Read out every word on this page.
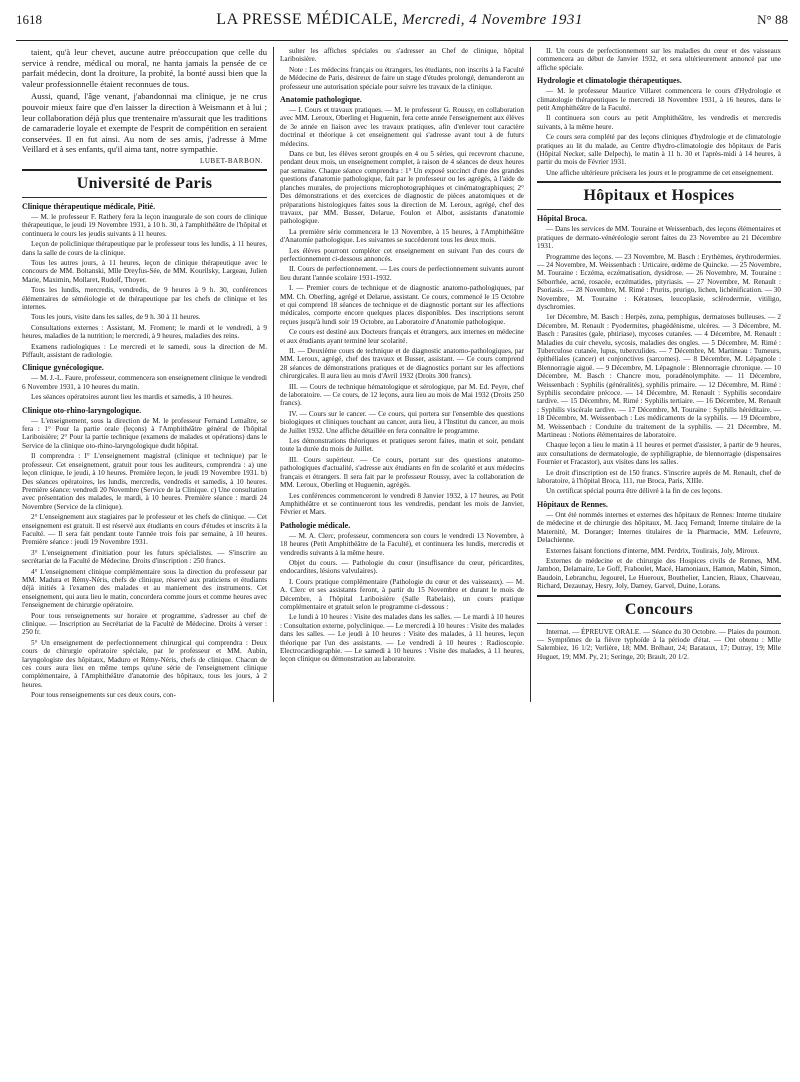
1618	LA PRESSE MÉDICALE, Mercredi, 4 Novembre 1931	N° 88

taient, qu'à leur chevet, aucune autre préoccupation que celle du service à rendre, médical ou moral, ne hanta jamais la pensée de ce parfait médecin, dont la droiture, la probité, la bonté aussi bien que la valeur professionnelle étaient reconnues de tous.

Aussi, quand, l'âge venant, j'abandonnai ma clinique, je ne crus pouvoir mieux faire que d'en laisser la direction à Weismann et à lui ; leur collaboration déjà plus que trentenaire m'assurait que les traditions de camaraderie loyale et exempte de l'esprit de compétition en seraient conservées. Il en fut ainsi. Au nom de ses amis, j'adresse à Mme Veillard et à ses enfants, qu'il aima tant, notre sympathie.

LUBET-BARBON.
Université de Paris
Clinique thérapeutique médicale, Pitié.

— M. le professeur F. Rathery fera la leçon inaugurale de son cours de clinique thérapeutique, le jeudi 19 Novembre 1931, à 10 h. 30, à l'amphithéâtre de l'hôpital et continuera le cours les jeudis suivants à 11 heures.

Leçon de policlinique thérapeutique par le professeur tous les lundis, à 11 heures, dans la salle de cours de la clinique.

Tous les autres jours, à 11 heures, leçon de clinique thérapeutique avec le concours de MM. Boltanski, Mlle Dreyfus-Sée, de MM. Kourilsky, Largeau, Julien Marie, Maximin, Mollaret, Rudolf, Thoyer.

Tous les lundis, mercredis, vendredis, de 9 heures à 9 h. 30, conférences élémentaires de séméiologie et de thérapeutique par les chefs de clinique et les internes.

Tous les jours, visite dans les salles, de 9 h. 30 à 11 heures.

Consultations externes : Assistant, M. Froment; le mardi et le vendredi, à 9 heures, maladies de la nutrition; le mercredi, à 9 heures, maladies des reins.

Examens radiologiques : Le mercredi et le samedi, sous la direction de M. Piffault, assistant de radiologie.

Clinique gynécologique.

— M. J.-L. Faure, professeur, commencera son enseignement clinique le vendredi 6 Novembre 1931, à 10 heures du matin.

Les séances opératoires auront lieu les mardis et samedis, à 10 heures.

Clinique oto-rhino-laryngologique.

— L'enseignement, sous la direction de M. le professeur Fernand Lemaître, se fera : 1° Pour la partie orale (leçons) à l'Amphithéâtre général de l'hôpital Lariboisière; 2° Pour la partie technique (examens de malades et opérations) dans le Service de la clinique oto-rhino-laryngologique dudit hôpital.

Il comprendra : I° L'enseignement magistral (clinique et technique) par le professeur. Cet enseignement, gratuit pour tous les auditeurs, comprendra : a) une leçon clinique, le jeudi, à 10 heures. Première leçon, le jeudi 19 Novembre 1931. b) Des séances opératoires, les lundis, mercredis, vendredis et samedis, à 10 heures. Première séance: vendredi 20 Novembre (Service de la Clinique. c) Une consultation avec présentation des malades, le mardi, à 10 heures. Première séance : mardi 24 Novembre (Service de la clinique).

2° L'enseignement aux stagiaires par le professeur et les chefs de clinique. — Cet enseignement est gratuit. Il est réservé aux étudiants en cours d'études et inscrits à la Faculté. — Il sera fait pendant toute l'année trois fois par semaine, à 10 heures. Première séance : jeudi 19 Novembre 1931.

3° L'enseignement d'initiation pour les futurs spécialistes. — S'inscrire au secrétariat de la Faculté de Médecine. Droits d'inscription : 250 francs.

4° L'enseignement clinique complémentaire sous la direction du professeur par MM. Madura et Rémy-Néris, chefs de clinique, réservé aux praticiens et étudiants déjà initiés à l'examen des malades et au maniement des instruments. Cet enseignement, qui aura lieu le matin, concordera comme jours et comme heures avec l'enseignement de chirurgie opératoire.

Pour tous renseignements sur horaire et programme, s'adresser au chef de clinique. — Inscription au Secrétariat de la Faculté de Médecine. Droits à verser : 250 fr.

5° Un enseignement de perfectionnement chirurgical qui comprendra : Deux cours de chirurgie opératoire spéciale, par le professeur et MM. Aubin, laryngologiste des hôpitaux, Maduro et Rémy-Néris, chefs de clinique. Chacun de ces cours aura lieu en même temps qu'une série de l'enseignement clinique complémentaire, à l'Amphithéâtre d'anatomie des hôpitaux, tous les jours, à 2 heures.

Pour tous renseignements sur ces deux cours, con-

sulter les affiches spéciales ou s'adresser au Chef de clinique, hôpital Lariboisière.

Note : Les médecins français ou étrangers, les étudiants, non inscrits à la Faculté de Médecine de Paris, désireux de faire un stage d'études prolongé, demanderont au professeur une autorisation spéciale pour suivre les travaux de la clinique.

Anatomie pathologique.

— I. Cours et travaux pratiques. — M. le professeur G. Roussy, en collaboration avec MM. Leroux, Oberling et Huguenin, fera cette année l'enseignement aux élèves de 3e année en liaison avec les travaux pratiques, afin d'enlever tout caractère doctrinal et théorique à cet enseignement qui s'adresse avant tout à de futurs médecins.

Dans ce but, les élèves seront groupés en 4 ou 5 séries, qui recevront chacune, pendant deux mois, un enseignement complet, à raison de 4 séances de deux heures par semaine. Chaque séance comprendra : 1° Un exposé succinct d'une des grandes questions d'anatomie pathologique, fait par le professeur ou les agrégés, à l'aide de planches murales, de projections microphotographiques et cinématographiques; 2° Des démonstrations et des exercices de diagnostic de pièces anatomiques et de préparations histologiques faites sous la direction de M. Leroux, agrégé, chef des travaux, par MM. Busser, Delarue, Foulon et Albot, assistants d'anatomie pathologique.

La première série commencera le 13 Novembre, à 15 heures, à l'Amphithéâtre d'Anatomie pathologique. Les suivantes se succéderont tous les deux mois.

Les élèves pourront compléter cet enseignement en suivant l'un des cours de perfectionnement ci-dessous annoncés.

II. Cours de perfectionnement. — Les cours de perfectionnement suivants auront lieu durant l'année scolaire 1931-1932.

I. — Premier cours de technique et de diagnostic anatomo-pathologiques, par MM. Ch. Oberling, agrégé et Delarue, assistant. Ce cours, commencé le 15 Octobre et qui comprend 18 séances de technique et de diagnostic portant sur les affections médicales, comporte encore quelques places disponibles. Des inscriptions seront reçues jusqu'à lundi soir 19 Octobre, au Laboratoire d'Anatomie pathologique.

Ce cours est destiné aux Docteurs français et étrangers, aux internes en médecine et aux étudiants ayant terminé leur scolarité.

II. — Deuxième cours de technique et de diagnostic anatomo-pathologiques, par MM. Leroux, agrégé, chef des travaux et Busser, assistant. — Ce cours comprend 28 séances de démonstrations pratiques et de diagnostics portant sur les affections chirurgicales. Il aura lieu au mois d'Avril 1932 (Droits 300 francs).

III. — Cours de technique hématologique et sérologique, par M. Ed. Peyre, chef de laboratoire. — Ce cours, de 12 leçons, aura lieu au mois de Mai 1932 (Droits 250 francs).

IV. — Cours sur le cancer. — Ce cours, qui portera sur l'ensemble des questions biologiques et cliniques touchant au cancer, aura lieu, à l'Institut du cancer, au mois de Juillet 1932. Une affiche détaillée en fera connaître le programme.

Les démonstrations théoriques et pratiques seront faites, matin et soir, pendant toute la durée du mois de Juillet.

III. Cours supérieur. — Ce cours, portant sur des questions anatomo-pathologiques d'actualité, s'adresse aux étudiants en fin de scolarité et aux médecins français et étrangers. Il sera fait par le professeur Roussy, avec la collaboration de MM. Leroux, Oberling et Huguenin, agrégés.

Les conférences commenceront le vendredi 8 Janvier 1932, à 17 heures, au Petit Amphithéâtre et se continueront tous les vendredis, pendant les mois de Janvier, Février et Mars.

Pathologie médicale.

— M. A. Clerc, professeur, commencera son cours le vendredi 13 Novembre, à 18 heures (Petit Amphithéâtre de la Faculté), et continuera les lundis, mercredis et vendredis suivants à la même heure.

Objet du cours. — Pathologie du cœur (insuffisance du cœur, péricardites, endocardites, lésions valvulaires).

I. Cours pratique complémentaire (Pathologie du cœur et des vaisseaux). — M. A. Clerc et ses assistants feront, à partir du 15 Novembre et durant le mois de Décembre, à l'hôpital Lariboisière (Salle Rabelais), un cours pratique complémentaire et gratuit selon le programme ci-dessous :

Le lundi à 10 heures : Visite des malades dans les salles. — Le mardi à 10 heures : Consultation externe, polyclinique. — Le mercredi à 10 heures : Visite des malades dans les salles. — Le jeudi à 10 heures : Visite des malades, à 11 heures, leçon théorique par l'un des assistants. — Le vendredi à 10 heures : Radioscopie. Electrocardiographie. — Le samedi à 10 heures : Visite des malades, à 11 heures, leçon clinique ou démonstration au laboratoire.

II. Un cours de perfectionnement sur les maladies du cœur et des vaisseaux commencera au début de Janvier 1932, et sera ultérieurement annoncé par une affiche spéciale.

Hydrologie et climatologie thérapeutiques.

— M. le professeur Maurice Villaret commencera le cours d'Hydrologie et climatologie thérapeutiques le mercredi 18 Novembre 1931, à 16 heures, dans le petit Amphithéâtre de la Faculté.

Il continuera son cours au petit Amphithéâtre, les vendredis et mercredis suivants, à la même heure.

Ce cours sera complété par des leçons cliniques d'hydrologie et de climatologie pratiques au lit du malade, au Centre d'hydro-climatologie des hôpitaux de Paris (Hôpital Necker, salle Delpech), le matin à 11 h. 30 et l'après-midi à 14 heures, à partir du mois de Février 1931.

Une affiche ultérieure précisera les jours et le programme de cet enseignement.

Hôpitaux et Hospices
Hôpital Broca.

— Dans les services de MM. Touraine et Weissenbach, des leçons élémentaires et pratiques de dermato-vénéréologie seront faites du 23 Novembre au 21 Décembre 1931.

Programme des leçons. — 23 Novembre, M. Basch : Erythèmes, érythrodermies. — 24 Novembre, M. Weissenbach : Urticaire, œdème de Quincke. — 25 Novembre, M. Touraine : Eczéma, eczématisation, dysidrose. — 26 Novembre, M. Touraine : Séborrhée, acné, rosacée, eczématides, pityriasis. — 27 Novembre, M. Renault : Psoriasis. — 28 Novembre, M. Rimé : Prurits, prurigo, lichen, lichénification. — 30 Novembre, M. Touraine : Kératoses, leucoplasie, sclérodermie, vitiligo, dyschromies.

1er Décembre, M. Basch : Herpès, zona, pemphigus, dermatoses bulleuses. — 2 Décembre, M. Renault : Pyodermites, phagédénisme, ulcères. — 3 Décembre, M. Basch : Parasites (gale, phtiriase), mycoses cutanées. — 4 Décembre, M. Renault : Maladies du cuir chevelu, sycosis, maladies des ongles. — 5 Décembre, M. Rimé : Tuberculose cutanée, lupus, tuberculides. — 7 Décembre, M. Martineau : Tumeurs, épithéliales (cancer) et conjonctives (sarcomes). — 8 Décembre, M. Lépagnole : Blennorragie aiguë. — 9 Décembre, M. Lépagnole : Blennorragie chronique. — 10 Décembre, M. Basch : Chancre mou, poradénolymphite. — 11 Décembre, Weissenbach : Syphilis (généralités), syphilis primaire. — 12 Décembre, M. Rimé : Syphilis secondaire précoce. — 14 Décembre, M. Renault : Syphilis secondaire tardive. — 15 Décembre, M. Rimé : Syphilis tertiaire. — 16 Décembre, M. Renault : Syphilis viscérale tardive. — 17 Décembre, M. Touraine : Syphilis héréditaire. — 18 Décembre, M. Weissenbach : Les médicaments de la syphilis. — 19 Décembre, M. Weissenbach : Conduite du traitement de la syphilis. — 21 Décembre, M. Martineau : Notions élémentaires de laboratoire.

Chaque leçon a lieu le matin à 11 heures et permet d'assister, à partir de 9 heures, aux consultations de dermatologie, de syphiligraphie, de blennorragie (dispensaires Fournier et Fracastor), aux visites dans les salles.

Le droit d'inscription est de 150 francs. S'inscrire auprès de M. Renault, chef de laboratoire, à l'hôpital Broca, 111, rue Broca, Paris, XIIIe.

Un certificat spécial pourra être délivré à la fin de ces leçons.

Hôpitaux de Rennes.

— Ont été nommés internes et externes des hôpitaux de Rennes: Interne titulaire de médecine et de chirurgie des hôpitaux, M. Jacq Fernand; Interne titulaire de la Maternité, M. Doranger; Internes titulaires de la Pharmacie, MM. Lefeuvre, Delachienne.

Externes faisant fonctions d'interne, MM. Perdrix, Toulirais, Joly, Miroux.

Externes de médecine et de chirurgie des Hospices civils de Rennes, MM. Jambon, Delamaire, Le Goff, Fraboulet, Macé, Hamoniaux, Hamon, Mabin, Simon, Baudoin, Lebranchu, Jegourel, Le Hueroux, Bouthelier, Lancien, Riaux, Chauveau, Richard, Dezaunay, Hesry, Joly, Damey, Garvel, Duine, Lorans.

Concours

Internat. — ÉPREUVE ORALE. — Séance du 30 Octobre. — Plaies du poumon. — Symptômes de la fièvre typhoïde à la période d'état. — Ont obtenu : Mlle Salembiez, 16 1/2; Verlière, 18; MM. Bréhaut, 24; Barataux, 17; Dutray, 19; Mlle Huguet, 19; MM. Py, 21; Seringe, 20; Brault, 20 1/2.
